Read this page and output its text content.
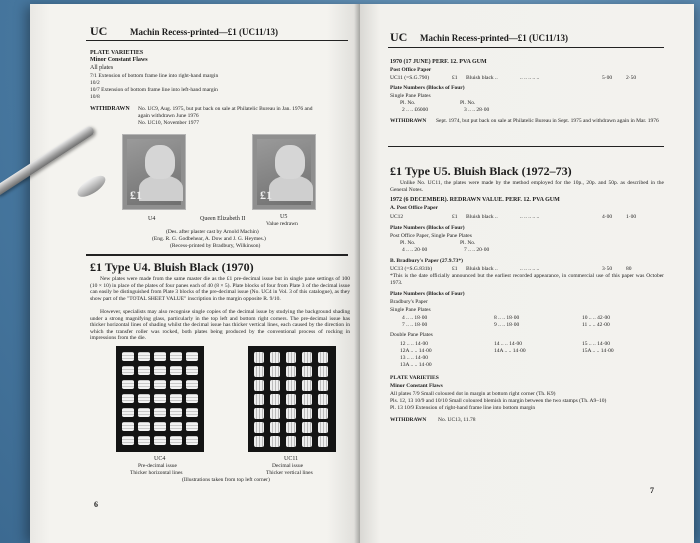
UC	Machin Recess-printed—£1 (UC11/13)
PLATE VARIETIES
Minor Constant Flaws
All plates
7/1 Extension of bottom frame line into right-hand margin
10/2
10/7 Extension of bottom frame line into left-hand margin
10/8
WITHDRAWN No. UC9, Aug. 1975, but put back on sale at Philatelic Bureau in Jan. 1976 and
again withdrawn June 1976
No. UC10, November 1977
£1	£1
U4	Queen Elizabeth II	U5
Value redrawn
(Des. after plaster cast by Arnold Machin)
(Eng. R. G. Godbehear, A. Dow and J. G. Heymes.)
(Recess-printed by Bradbury, Wilkinson)
£1 Type U4. Bluish Black (1970)
New plates were made from the same master die as the £1 pre-decimal issue but in single pane settings of 100 (10 × 10) in place of the plates of four panes each of 40 (8 × 5). Plate blocks of four from Plate 3 of the decimal issue can easily be distinguished from Plate 3 blocks of the pre-decimal issue (No. UC4 in Vol. 3 of this catalogue), as they show part of the "TOTAL SHEET VALUE" inscription in the margin opposite R. 9/10.
However, specialists may also recognise single copies of the decimal issue by studying the background shading under a strong magnifying glass, particularly in the top left and bottom right corners. The pre-decimal issue has thicker horizontal lines of shading whilst the decimal issue has thicker vertical lines, each caused by the direction in which the transfer roller was rocked, both plates being produced by the conventional process of rocking in impressions from the die.
UC4
Pre-decimal issue
Thicker horizontal lines
UC11
Decimal issue
Thicker vertical lines
(Illustrations taken from top left corner)
6
UC Machin Recess-printed—£1 (UC11/13)
1970 (17 JUNE) PERF. 12. PVA GUM
Post Office Paper
UC11 (=S.G.790)	£1 Bluish black ..	.. .. .. .. ..	5·00	2·50
Plate Numbers (Blocks of Four)
Single Pane Plates
Pl. No.	Pl. No.
2 .. .. £6000	3 .. .. 28·00
WITHDRAWN Sept. 1974, but put back on sale at Philatelic Bureau in Sept. 1975 and withdrawn again in Mar. 1976
£1 Type U5. Bluish Black (1972–73)
Unlike No. UC11, the plates were made by the method employed for the 10p., 20p. and 50p. as described in the General Notes.
1972 (6 DECEMBER). REDRAWN VALUE. PERF. 12. PVA GUM
A. Post Office Paper
UC12	£1 Bluish black ..	.. .. .. .. ..	4·00	1·00
Plate Numbers (Blocks of Four)
Post Office Paper, Single Pane Plates
Pl. No.	Pl. No.
4 .. .. 20·00	7 .. .. 20·00
B. Bradbury's Paper (27.9.73*)
UC13 (=S.G.831b)	£1 Bluish black ..	.. .. .. .. ..	3·50	80
*This is the date officially announced but the earliest recorded appearance, in commercial use of this paper was October 1973.
Plate Numbers (Blocks of Four)
Bradbury's Paper
Single Pane Plates
4 .. .. 18·00	8 .. .. 18·00	10 .. .. 42·00
7 .. .. 18·00	9 .. .. 18·00	11 .. .. 42·00
Double Pane Plates
12 .. .. 14·00	14 .. .. 14·00	15 .. .. 14·00
12A .. .. 14·00	14A .. .. 14·00	15A .. .. 14·00
13 .. .. 14·00
13A .. .. 14·00
PLATE VARIETIES
Minor Constant Flaws
All plates 7/9 Small coloured dot in margin at bottom right corner (Th. K9)
Pls. 12, 13 10/9 and 10/10 Small coloured blemish in margin between the two stamps (Th. A9–10)
Pl. 13 10/9 Extension of right-hand frame line into bottom margin
WITHDRAWN No. UC13, 11.78
7
